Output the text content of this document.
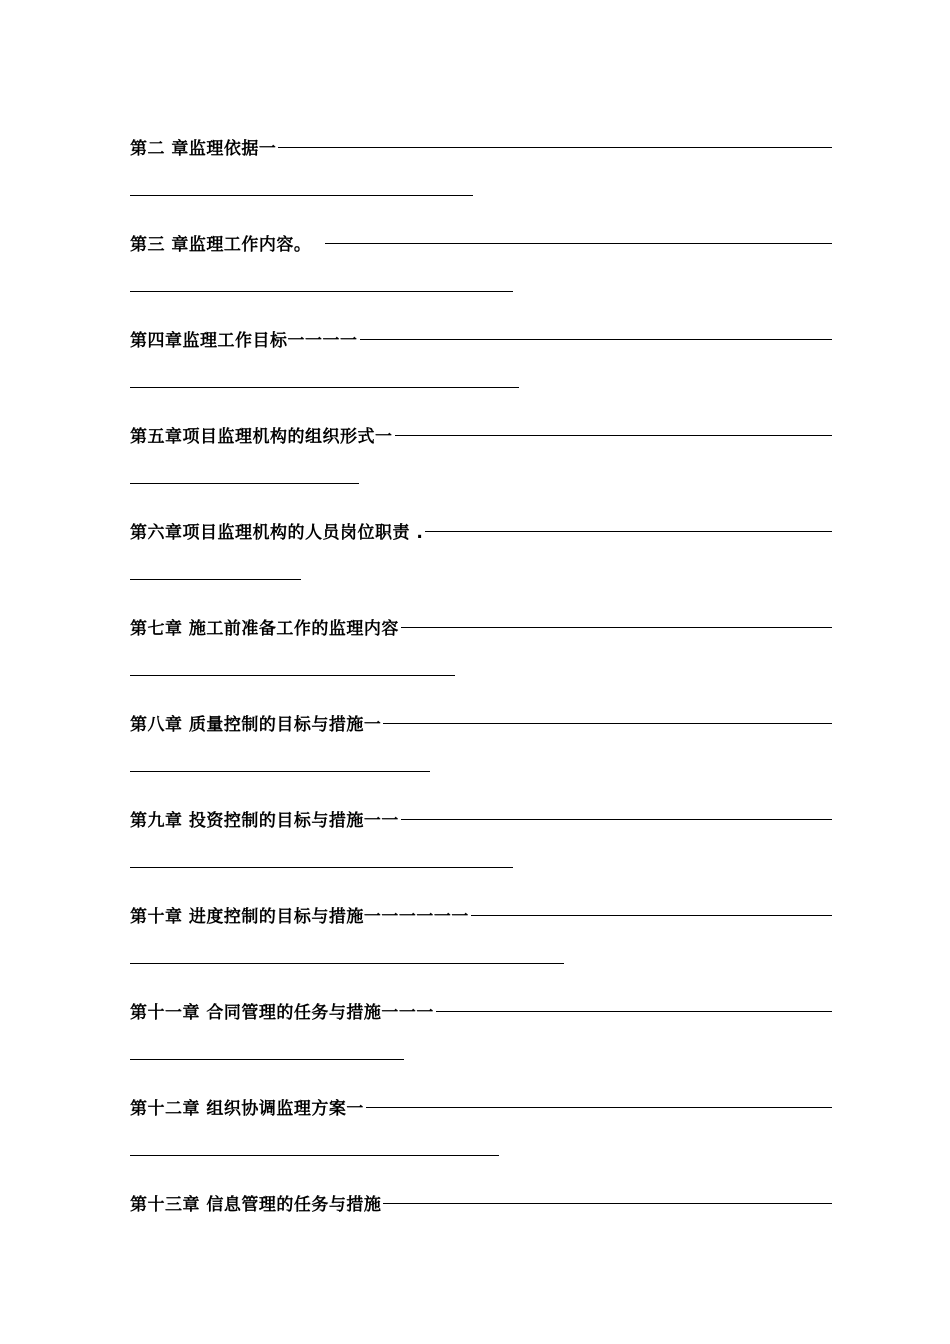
第二 章监理依据一
第三 章监理工作内容。
第四章监理工作目标一一一一
第五章项目监理机构的组织形式一
第六章项目监理机构的人员岗位职责 .
第七章 施工前准备工作的监理内容
第八章 质量控制的目标与措施一
第九章 投资控制的目标与措施一一
第十章 进度控制的目标与措施一一一一一一
第十一章 合同管理的任务与措施一一一
第十二章 组织协调监理方案一
第十三章 信息管理的任务与措施
